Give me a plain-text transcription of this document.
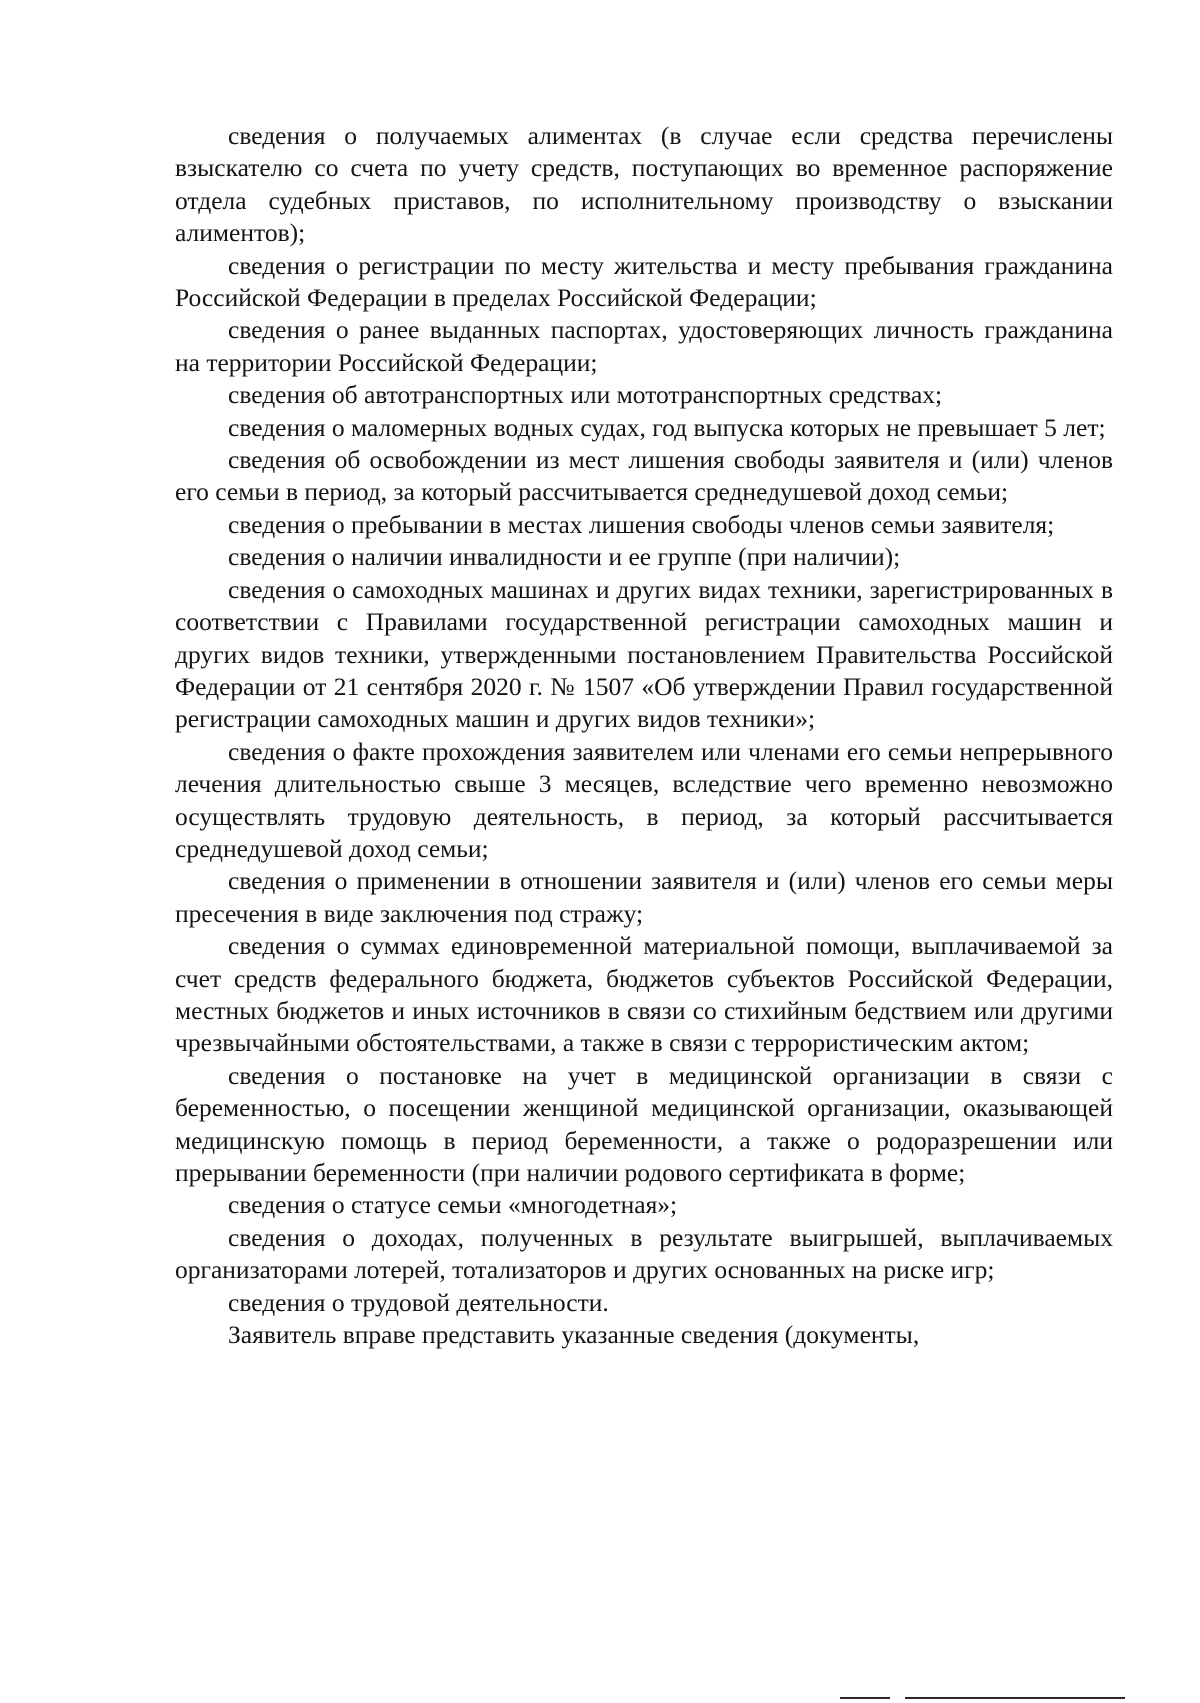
сведения о получаемых алиментах (в случае если средства перечислены взыскателю со счета по учету средств, поступающих во временное распоряжение отдела судебных приставов, по исполнительному производству о взыскании алиментов);

сведения о регистрации по месту жительства и месту пребывания гражданина Российской Федерации в пределах Российской Федерации;

сведения о ранее выданных паспортах, удостоверяющих личность гражданина на территории Российской Федерации;

сведения об автотранспортных или мототранспортных средствах;

сведения о маломерных водных судах, год выпуска которых не превышает 5 лет;

сведения об освобождении из мест лишения свободы заявителя и (или) членов его семьи в период, за который рассчитывается среднедушевой доход семьи;

сведения о пребывании в местах лишения свободы членов семьи заявителя;

сведения о наличии инвалидности и ее группе (при наличии);

сведения о самоходных машинах и других видах техники, зарегистрированных в соответствии с Правилами государственной регистрации самоходных машин и других видов техники, утвержденными постановлением Правительства Российской Федерации от 21 сентября 2020 г. № 1507 «Об утверждении Правил государственной регистрации самоходных машин и других видов техники»;

сведения о факте прохождения заявителем или членами его семьи непрерывного лечения длительностью свыше 3 месяцев, вследствие чего временно невозможно осуществлять трудовую деятельность, в период, за который рассчитывается среднедушевой доход семьи;

сведения о применении в отношении заявителя и (или) членов его семьи меры пресечения в виде заключения под стражу;

сведения о суммах единовременной материальной помощи, выплачиваемой за счет средств федерального бюджета, бюджетов субъектов Российской Федерации, местных бюджетов и иных источников в связи со стихийным бедствием или другими чрезвычайными обстоятельствами, а также в связи с террористическим актом;

сведения о постановке на учет в медицинской организации в связи с беременностью, о посещении женщиной медицинской организации, оказывающей медицинскую помощь в период беременности, а также о родоразрешении или прерывании беременности (при наличии родового сертификата в форме;

сведения о статусе семьи «многодетная»;

сведения о доходах, полученных в результате выигрышей, выплачиваемых организаторами лотерей, тотализаторов и других основанных на риске игр;

сведения о трудовой деятельности.

Заявитель вправе представить указанные сведения (документы,
